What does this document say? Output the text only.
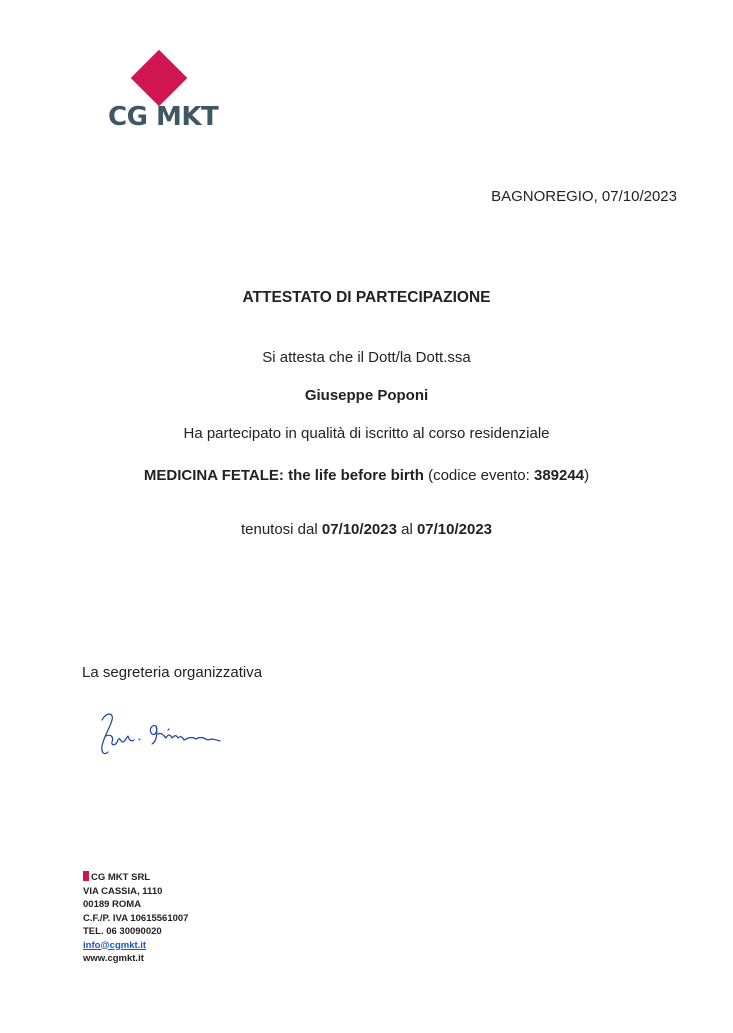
CG MKT
BAGNOREGIO, 07/10/2023
ATTESTATO DI PARTECIPAZIONE
Si attesta che il Dott/la Dott.ssa
Giuseppe Poponi
Ha partecipato in qualità di iscritto al corso residenziale
MEDICINA FETALE: the life before birth (codice evento: 389244)
tenutosi dal 07/10/2023 al 07/10/2023
La segreteria organizzativa
CG MKT SRL
VIA CASSIA, 1110
00189 ROMA
C.F./P. IVA 10615561007
TEL. 06 30090020
info@cgmkt.it
www.cgmkt.it
